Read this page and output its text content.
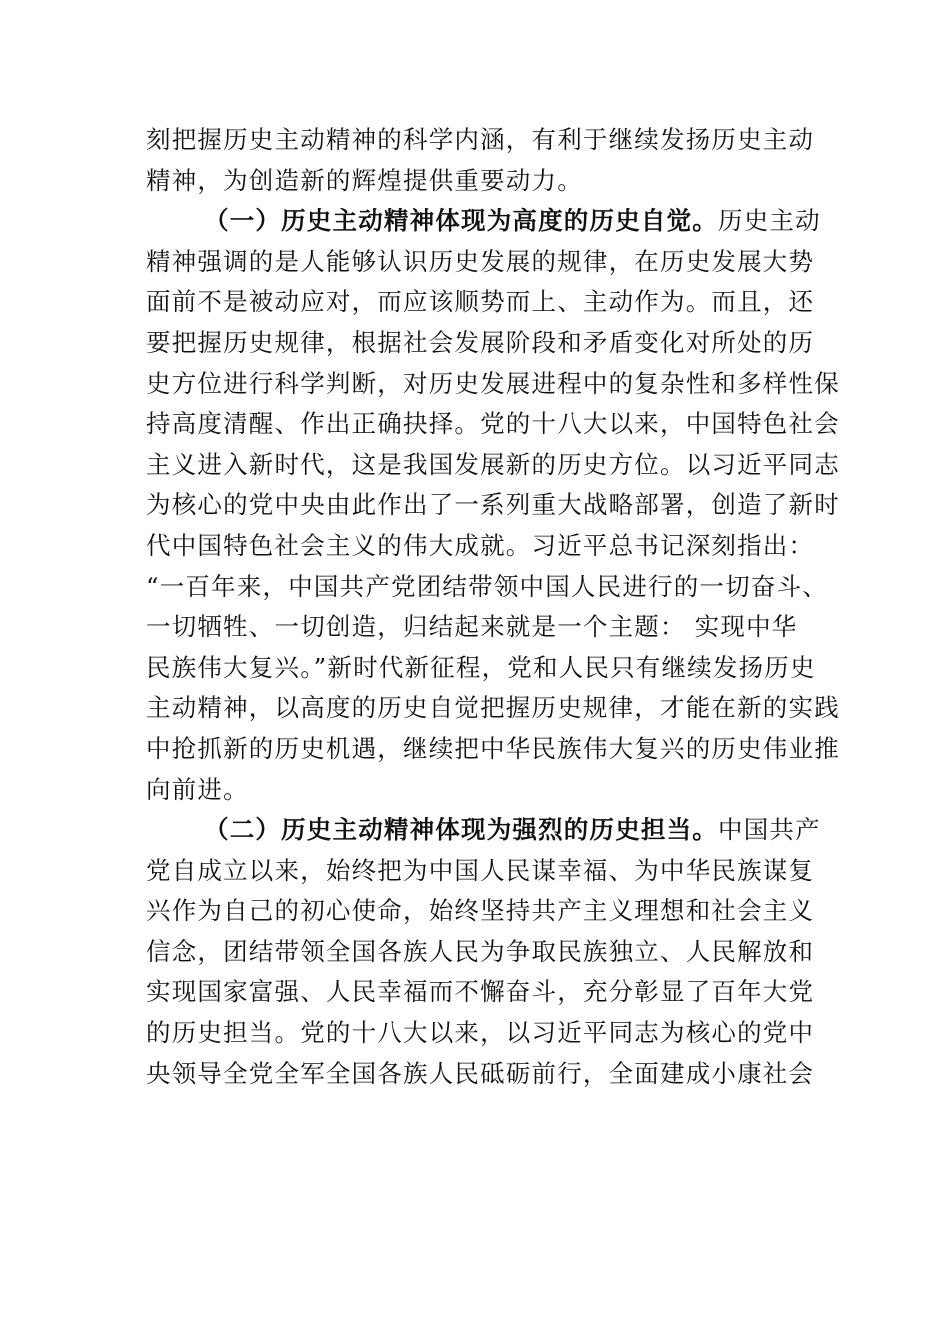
刻把握历史主动精神的科学内涵，有利于继续发扬历史主动
精神，为创造新的辉煌提供重要动力。
（一）历史主动精神体现为高度的历史自觉。历史主动
精神强调的是人能够认识历史发展的规律，在历史发展大势
面前不是被动应对，而应该顺势而上、主动作为。而且，还
要把握历史规律，根据社会发展阶段和矛盾变化对所处的历
史方位进行科学判断，对历史发展进程中的复杂性和多样性保
持高度清醒、作出正确抉择。党的十八大以来，中国特色社会
主义进入新时代，这是我国发展新的历史方位。以习近平同志
为核心的党中央由此作出了一系列重大战略部署，创造了新时
代中国特色社会主义的伟大成就。习近平总书记深刻指出：
“一百年来，中国共产党团结带领中国人民进行的一切奋斗、
一切牺牲、一切创造，归结起来就是一个主题： 实现中华
民族伟大复兴。”新时代新征程，党和人民只有继续发扬历史
主动精神，以高度的历史自觉把握历史规律，才能在新的实践
中抢抓新的历史机遇，继续把中华民族伟大复兴的历史伟业推
向前进。
（二）历史主动精神体现为强烈的历史担当。中国共产
党自成立以来，始终把为中国人民谋幸福、为中华民族谋复
兴作为自己的初心使命，始终坚持共产主义理想和社会主义
信念，团结带领全国各族人民为争取民族独立、人民解放和
实现国家富强、人民幸福而不懈奋斗，充分彰显了百年大党
的历史担当。党的十八大以来，以习近平同志为核心的党中
央领导全党全军全国各族人民砥砺前行，全面建成小康社会
